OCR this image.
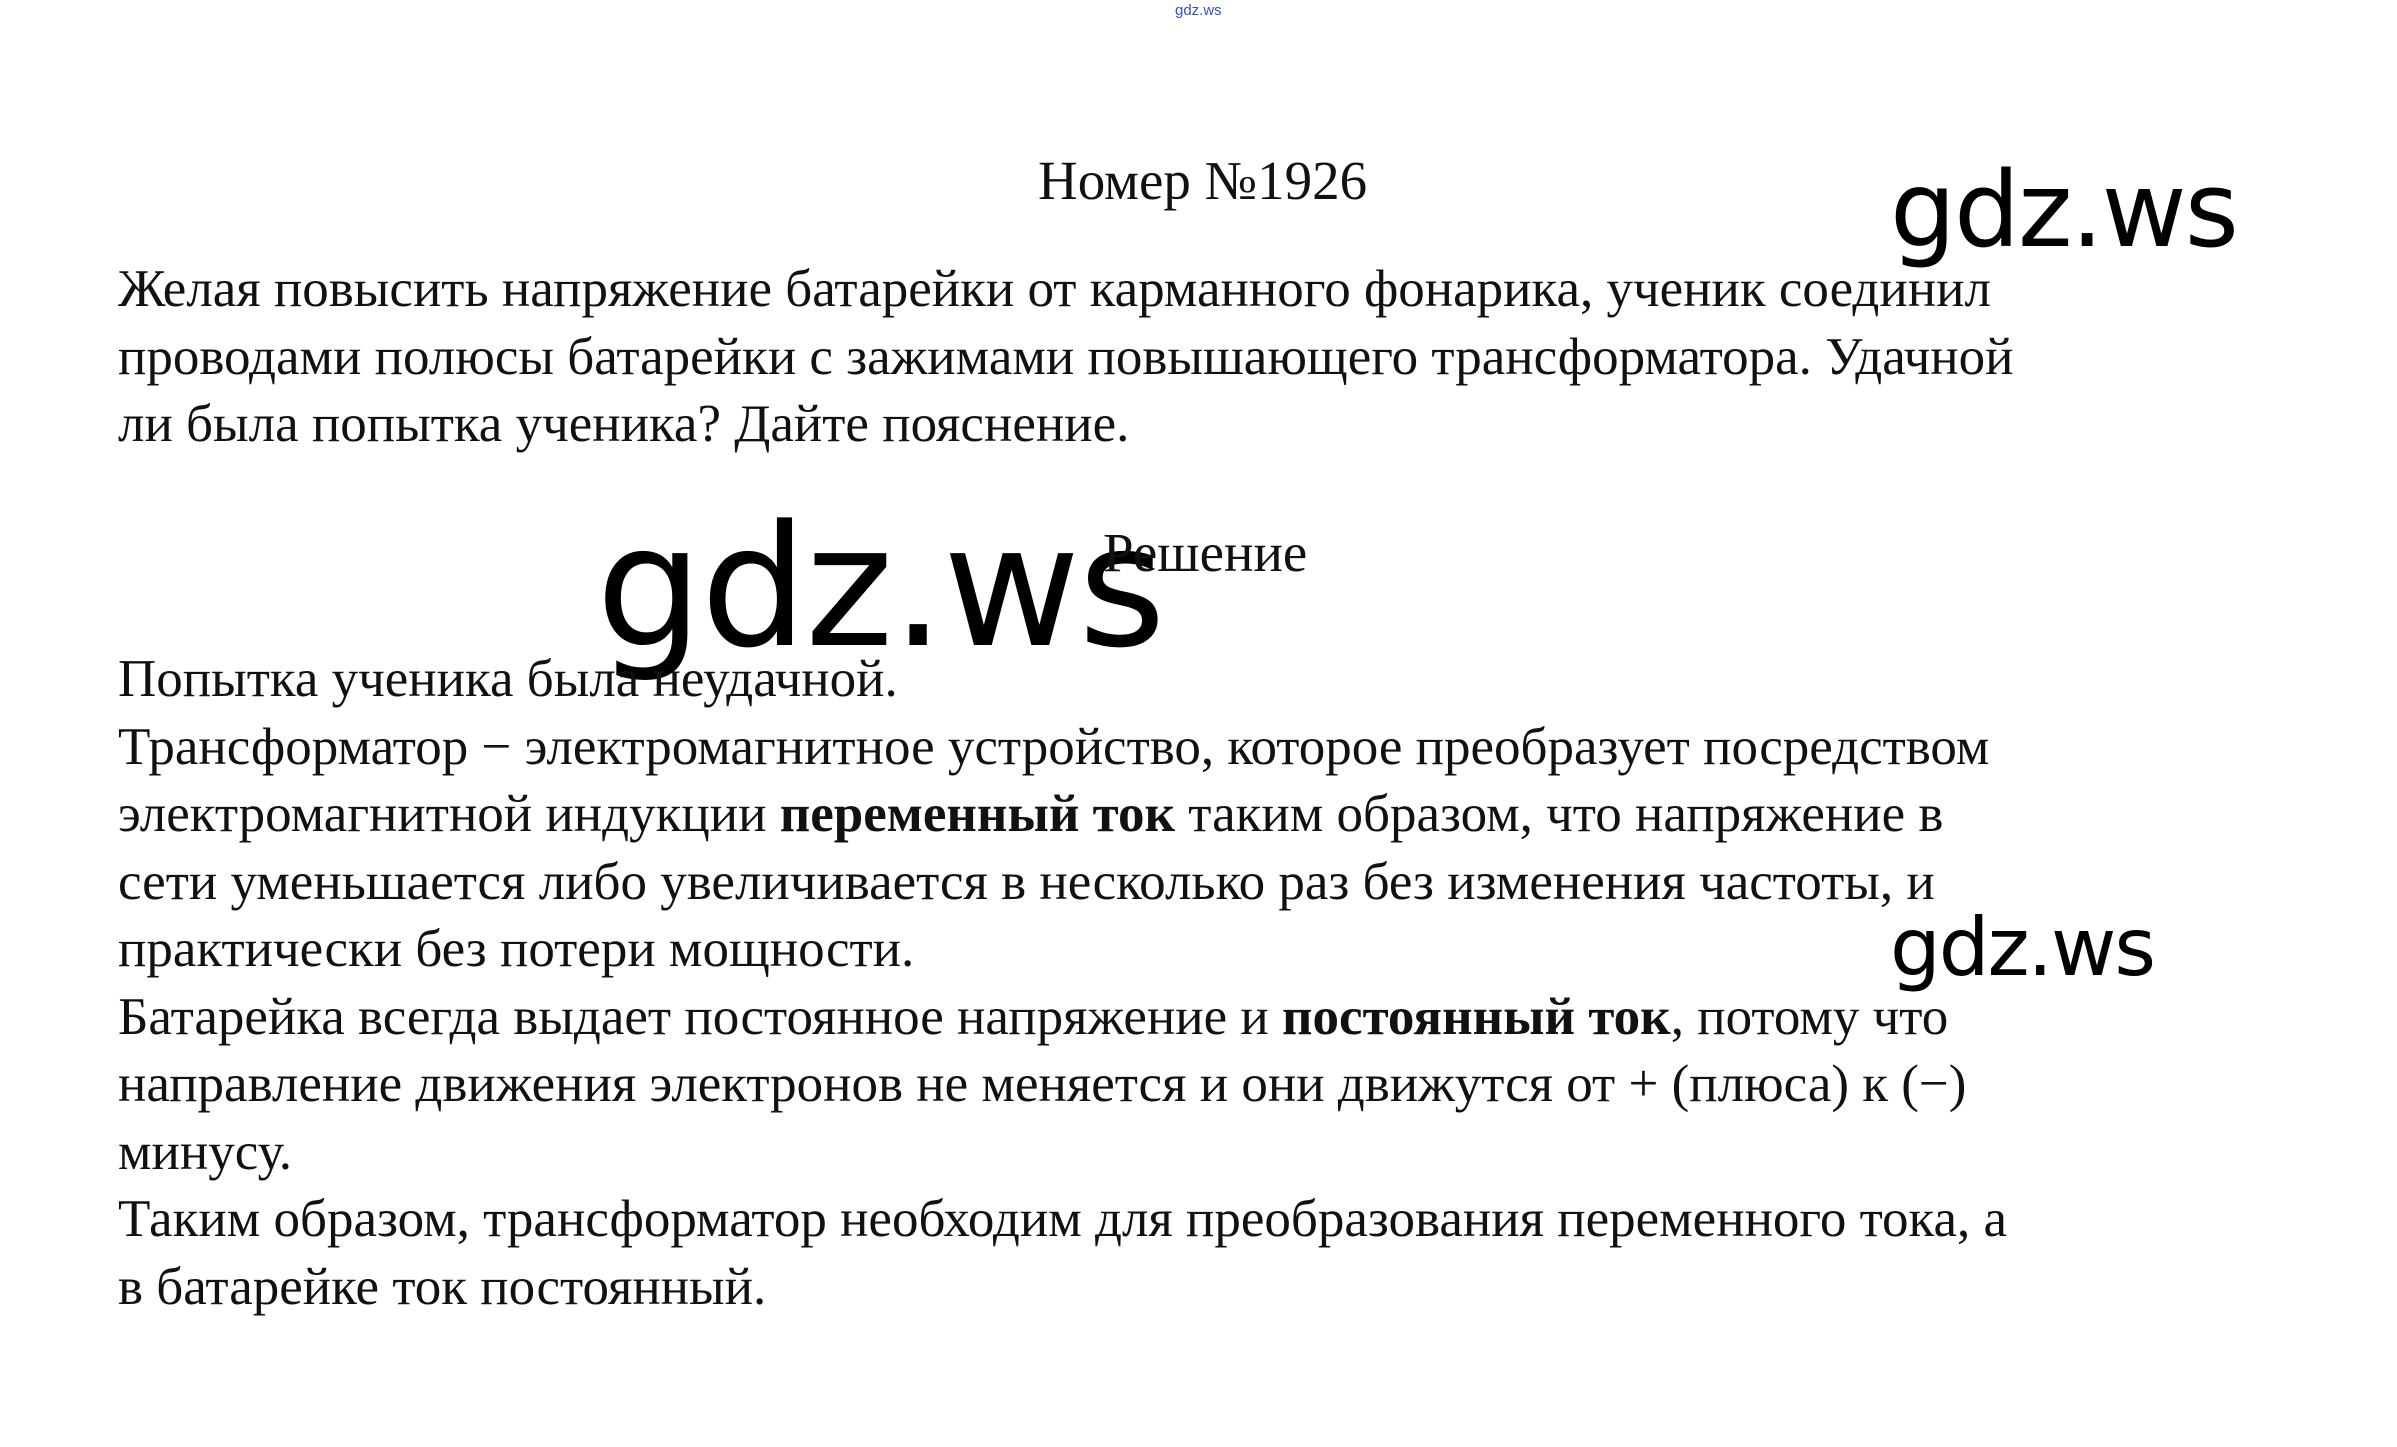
gdz.ws
Номер №1926	gdz.ws
Желая повысить напряжение батарейки от карманного фонарика, ученик соединил
проводами полюсы батарейки с зажимами повышающего трансформатора. Удачной
ли была попытка ученика? Дайте пояснение.
gdz.ws
Решение
Попытка ученика была неудачной.
Трансформатор − электромагнитное устройство, которое преобразует посредством
электромагнитной индукции переменный ток таким образом, что напряжение в
сети уменьшается либо увеличивается в несколько раз без изменения частоты, и
практически без потери мощности.
Батарейка всегда выдает постоянное напряжение и постоянный ток, потому что
направление движения электронов не меняется и они движутся от + (плюса) к (−)
минусу.
Таким образом, трансформатор необходим для преобразования переменного тока, а
в батарейке ток постоянный.
gdz.ws
